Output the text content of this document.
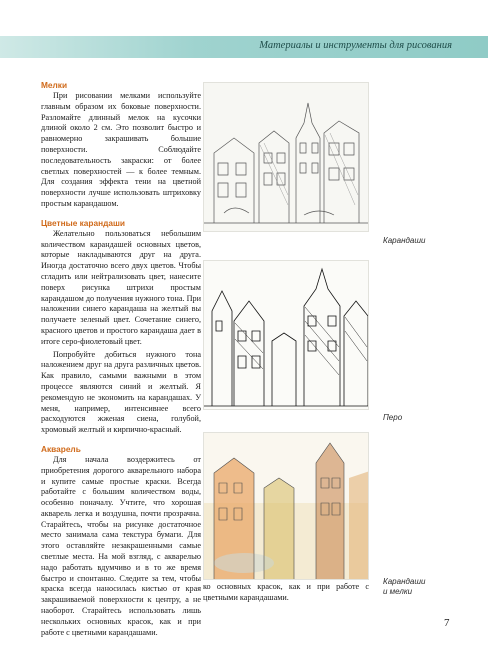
Материалы и инструменты для рисования
Мелки

При рисовании мелками используйте главным образом их боковые поверхности. Разломайте длинный мелок на кусочки длиной около 2 см. Это позволит быстро и равномерно закрашивать большие поверхности. Соблюдайте последовательность закраски: от более светлых поверхностей — к более темным. Для создания эффекта тени на цветной поверхности лучше использовать штриховку простым карандашом.

Цветные карандаши

Желательно пользоваться небольшим количеством карандашей основных цветов, которые накладываются друг на друга. Иногда достаточно всего двух цветов. Чтобы сгладить или нейтрализовать цвет, нанесите поверх рисунка штрихи простым карандашом до получения нужного тона. При наложении синего карандаша на желтый вы получаете зеленый цвет. Сочетание синего, красного цветов и простого карандаша дает в итоге серо-фиолетовый цвет.

Попробуйте добиться нужного тона наложением друг на друга различных цветов. Как правило, самыми важными в этом процессе являются синий и желтый. Я рекомендую не экономить на карандашах. У меня, например, интенсивнее всего расходуются жженая сиена, голубой, хромовый желтый и кирпично-красный.

Акварель

Для начала воздержитесь от приобретения дорогого акварельного набора и купите самые простые краски. Всегда работайте с большим количеством воды, особенно поначалу. Учтите, что хорошая акварель легка и воздушна, почти прозрачна. Старайтесь, чтобы на рисунке достаточное место занимала сама текстура бумаги. Для этого оставляйте незакрашенными самые светлые места. На мой взгляд, с акварелью надо работать вдумчиво и в то же время быстро и спонтанно. Следите за тем, чтобы краска всегда наносилась кистью от края закрашиваемой поверхности к центру, а не наоборот. Старайтесь использовать лишь нескольких основных красок, как и при работе с цветными карандашами.

Карандаши
Перо
Карандаши
и мелки
ко основных красок, как и при работе с цветными карандашами.
7
